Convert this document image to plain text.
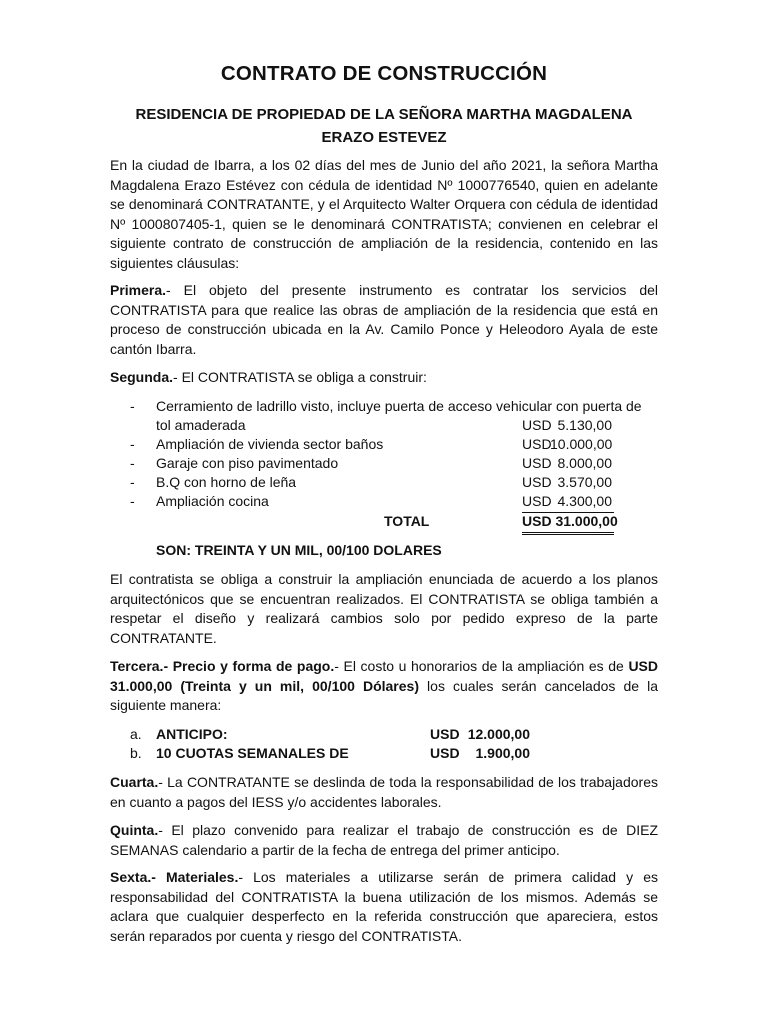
CONTRATO DE CONSTRUCCIÓN
RESIDENCIA DE PROPIEDAD DE LA SEÑORA MARTHA MAGDALENA
ERAZO ESTEVEZ
En la ciudad de Ibarra, a los 02 días del mes de Junio del año 2021, la señora Martha Magdalena Erazo Estévez con cédula de identidad Nº 1000776540, quien en adelante se denominará CONTRATANTE, y el Arquitecto Walter Orquera con cédula de identidad Nº 1000807405-1, quien se le denominará CONTRATISTA; convienen en celebrar el siguiente contrato de construcción de ampliación de la residencia, contenido en las siguientes cláusulas:
Primera.- El objeto del presente instrumento es contratar los servicios del CONTRATISTA para que realice las obras de ampliación de la residencia que está en proceso de construcción ubicada en la Av. Camilo Ponce y Heleodoro Ayala de este cantón Ibarra.
Segunda.- El CONTRATISTA se obliga a construir:
- Cerramiento de ladrillo visto, incluye puerta de acceso vehicular con puerta de
tol amaderada	USD 5.130,00
- Ampliación de vivienda sector baños	USD10.000,00
- Garaje con piso pavimentado	USD 8.000,00
- B.Q con horno de leña	USD 3.570,00
- Ampliación cocina	USD 4.300,00
TOTAL	USD 31.000,00
SON: TREINTA Y UN MIL, 00/100 DOLARES
El contratista se obliga a construir la ampliación enunciada de acuerdo a los planos arquitectónicos que se encuentran realizados. El CONTRATISTA se obliga también a respetar el diseño y realizará cambios solo por pedido expreso de la parte CONTRATANTE.
Tercera.- Precio y forma de pago.- El costo u honorarios de la ampliación es de USD 31.000,00 (Treinta y un mil, 00/100 Dólares) los cuales serán cancelados de la siguiente manera:
a. ANTICIPO:	USD 12.000,00
b. 10 CUOTAS SEMANALES DE	USD	1.900,00
Cuarta.- La CONTRATANTE se deslinda de toda la responsabilidad de los trabajadores en cuanto a pagos del IESS y/o accidentes laborales.
Quinta.- El plazo convenido para realizar el trabajo de construcción es de DIEZ SEMANAS calendario a partir de la fecha de entrega del primer anticipo.
Sexta.- Materiales.- Los materiales a utilizarse serán de primera calidad y es responsabilidad del CONTRATISTA la buena utilización de los mismos. Además se aclara que cualquier desperfecto en la referida construcción que apareciera, estos serán reparados por cuenta y riesgo del CONTRATISTA.
